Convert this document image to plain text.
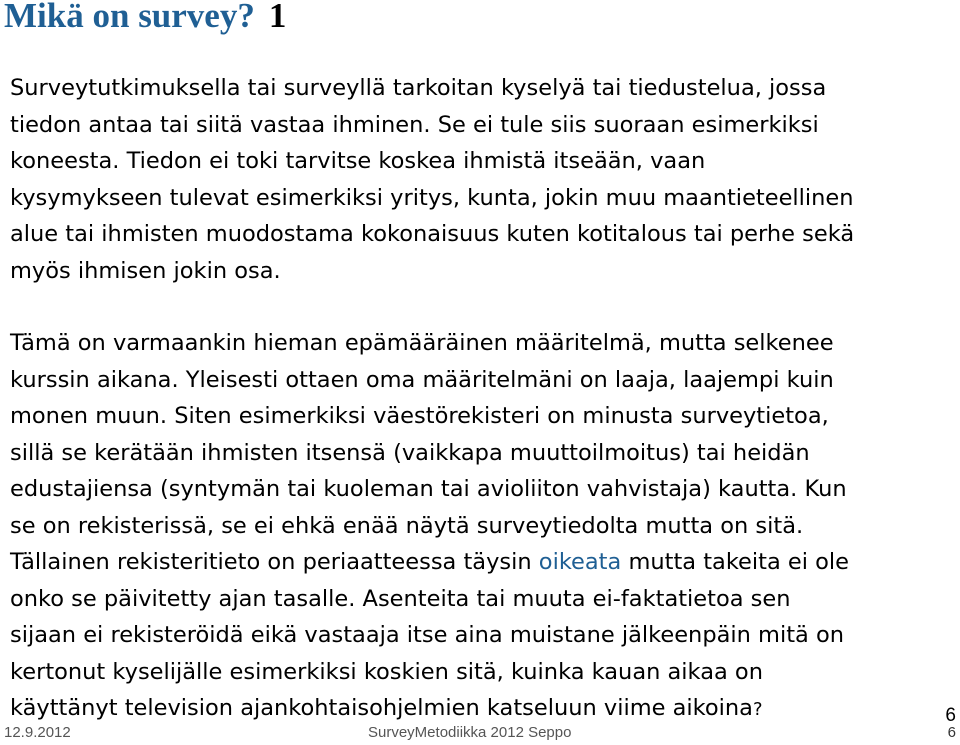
Mikä on survey? 1

Surveytutkimuksella tai surveyllä tarkoitan kyselyä tai tiedustelua, jossa
tiedon antaa tai siitä vastaa ihminen. Se ei tule siis suoraan esimerkiksi
koneesta. Tiedon ei toki tarvitse koskea ihmistä itseään, vaan
kysymykseen tulevat esimerkiksi yritys, kunta, jokin muu maantieteellinen
alue tai ihmisten muodostama kokonaisuus kuten kotitalous tai perhe sekä
myös ihmisen jokin osa.

Tämä on varmaankin hieman epämääräinen määritelmä, mutta selkenee
kurssin aikana. Yleisesti ottaen oma määritelmäni on laaja, laajempi kuin
monen muun. Siten esimerkiksi väestörekisteri on minusta surveytietoa,
sillä se kerätään ihmisten itsensä (vaikkapa muuttoilmoitus) tai heidän
edustajiensa (syntymän tai kuoleman tai avioliiton vahvistaja) kautta. Kun
se on rekisterissä, se ei ehkä enää näytä surveytiedolta mutta on sitä.
Tällainen rekisteritieto on periaatteessa täysin oikeata mutta takeita ei ole
onko se päivitetty ajan tasalle. Asenteita tai muuta ei-faktatietoa sen
sijaan ei rekisteröidä eikä vastaaja itse aina muistane jälkeenpäin mitä on
kertonut kyselijälle esimerkiksi koskien sitä, kuinka kauan aikaa on
käyttänyt television ajankohtaisohjelmien katseluun viime aikoina?	6
12.9.2012	SurveyMetodiikka 2012 Seppo	6
